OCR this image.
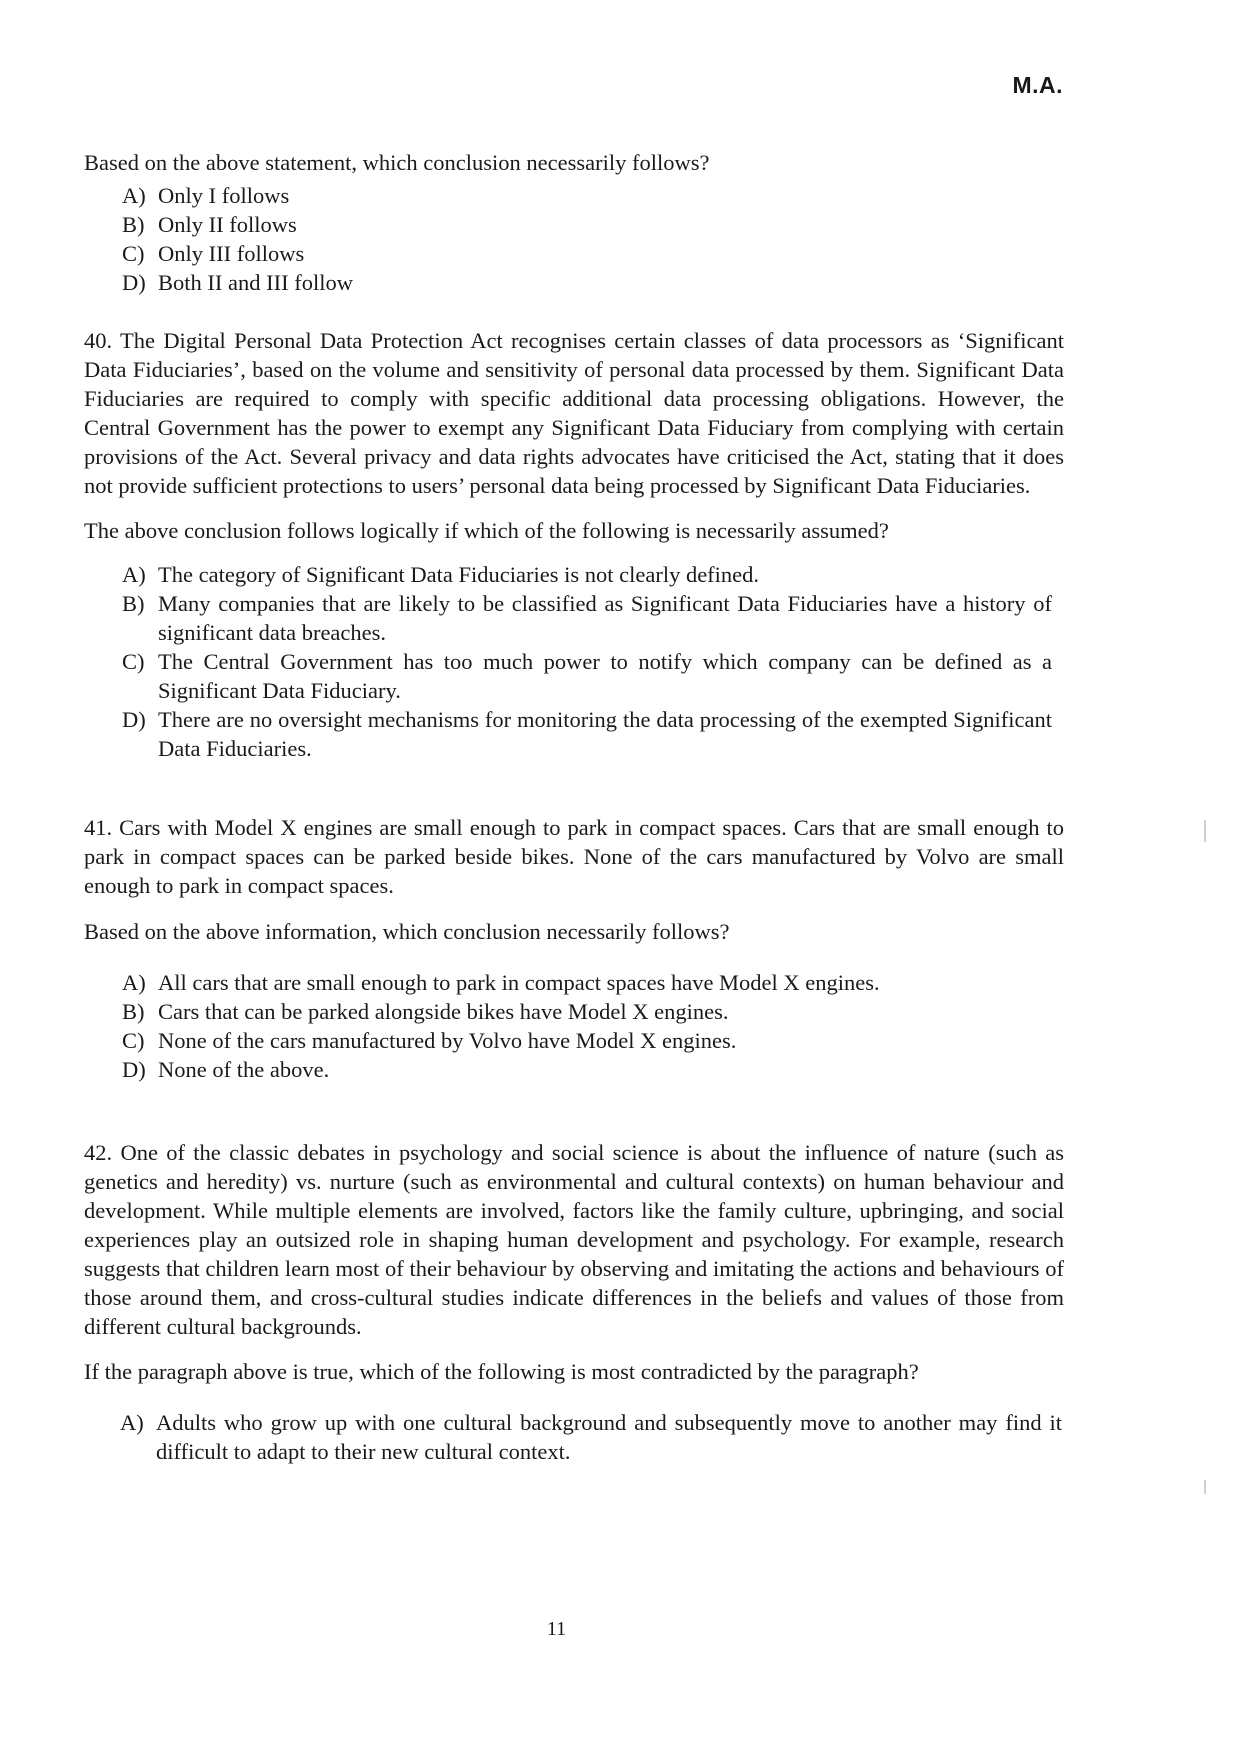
M.A.

Based on the above statement, which conclusion necessarily follows?

A) Only I follows
B) Only II follows
C) Only III follows
D) Both II and III follow

40. The Digital Personal Data Protection Act recognises certain classes of data processors as ‘Significant Data Fiduciaries’, based on the volume and sensitivity of personal data processed by them. Significant Data Fiduciaries are required to comply with specific additional data processing obligations. However, the Central Government has the power to exempt any Significant Data Fiduciary from complying with certain provisions of the Act. Several privacy and data rights advocates have criticised the Act, stating that it does not provide sufficient protections to users’ personal data being processed by Significant Data Fiduciaries.

The above conclusion follows logically if which of the following is necessarily assumed?

A) The category of Significant Data Fiduciaries is not clearly defined.
B) Many companies that are likely to be classified as Significant Data Fiduciaries have a history of significant data breaches.
C) The Central Government has too much power to notify which company can be defined as a Significant Data Fiduciary.
D) There are no oversight mechanisms for monitoring the data processing of the exempted Significant Data Fiduciaries.

41. Cars with Model X engines are small enough to park in compact spaces. Cars that are small enough to park in compact spaces can be parked beside bikes. None of the cars manufactured by Volvo are small enough to park in compact spaces.

Based on the above information, which conclusion necessarily follows?

A) All cars that are small enough to park in compact spaces have Model X engines.
B) Cars that can be parked alongside bikes have Model X engines.
C) None of the cars manufactured by Volvo have Model X engines.
D) None of the above.

42. One of the classic debates in psychology and social science is about the influence of nature (such as genetics and heredity) vs. nurture (such as environmental and cultural contexts) on human behaviour and development. While multiple elements are involved, factors like the family culture, upbringing, and social experiences play an outsized role in shaping human development and psychology. For example, research suggests that children learn most of their behaviour by observing and imitating the actions and behaviours of those around them, and cross-cultural studies indicate differences in the beliefs and values of those from different cultural backgrounds.

If the paragraph above is true, which of the following is most contradicted by the paragraph?

A) Adults who grow up with one cultural background and subsequently move to another may find it difficult to adapt to their new cultural context.
11
